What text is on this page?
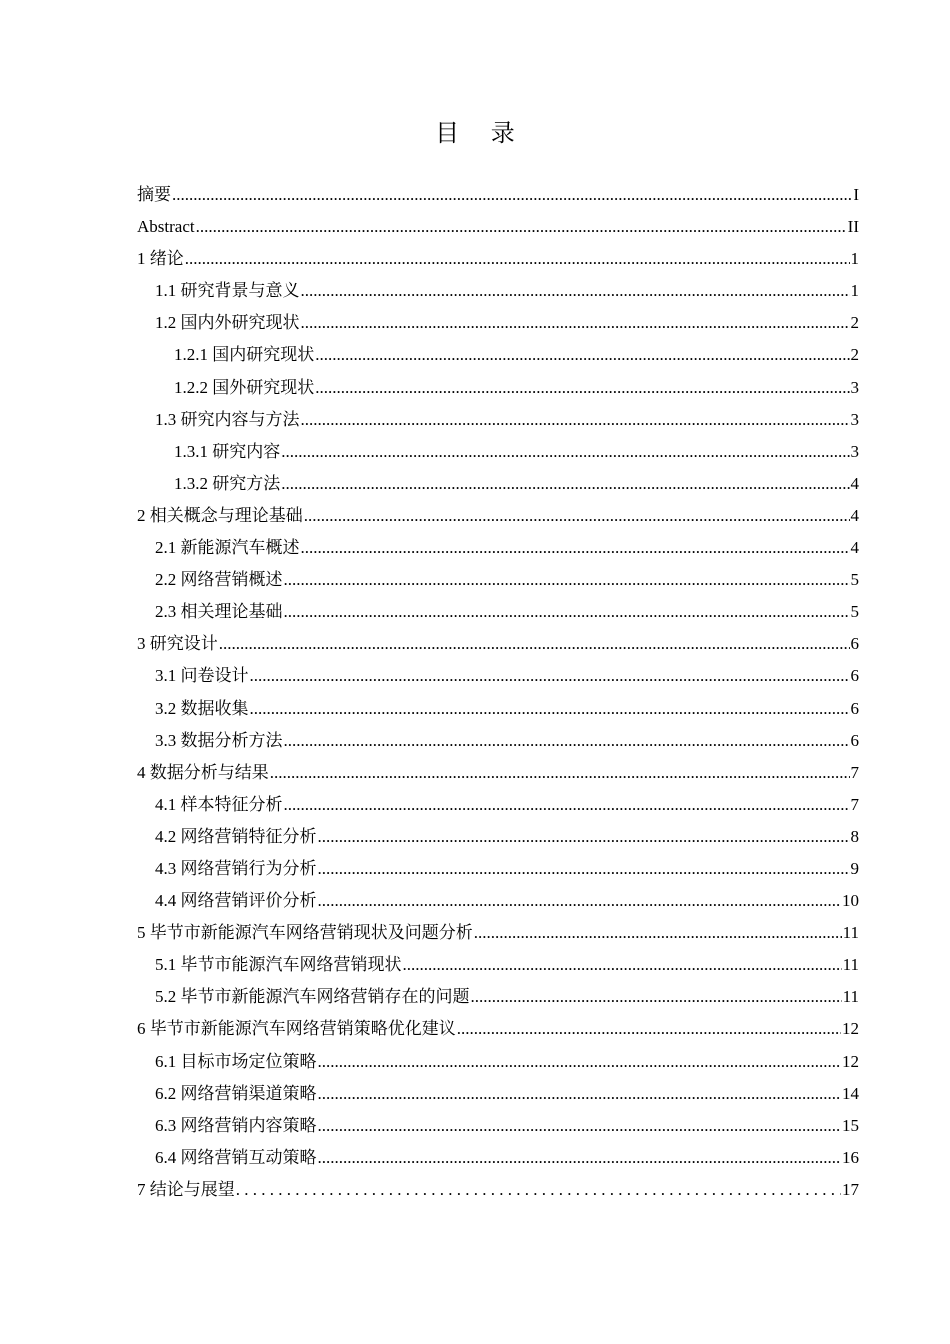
目 录
摘要 .....	I
Abstract .....	II
1 绪论 .....	1
1.1 研究背景与意义 .....	1
1.2 国内外研究现状 .....	2
1.2.1 国内研究现状 .....	2
1.2.2 国外研究现状 .....	3
1.3 研究内容与方法 .....	3
1.3.1 研究内容 .....	3
1.3.2 研究方法 .....	4
2 相关概念与理论基础 .....	4
2.1 新能源汽车概述 .....	4
2.2 网络营销概述 .....	5
2.3 相关理论基础 .....	5
3 研究设计 .....	6
3.1 问卷设计 .....	6
3.2 数据收集 .....	6
3.3 数据分析方法 .....	6
4 数据分析与结果 .....	7
4.1 样本特征分析 .....	7
4.2 网络营销特征分析 .....	8
4.3 网络营销行为分析 .....	9
4.4 网络营销评价分析 .....	10
5 毕节市新能源汽车网络营销现状及问题分析 .....	11
5.1 毕节市能源汽车网络营销现状 .....	11
5.2 毕节市新能源汽车网络营销存在的问题 .....	11
6 毕节市新能源汽车网络营销策略优化建议 .....	12
6.1 目标市场定位策略 .....	12
6.2 网络营销渠道策略 .....	14
6.3 网络营销内容策略 .....	15
6.4 网络营销互动策略 .....	16
7 结论与展望 . . .	17
